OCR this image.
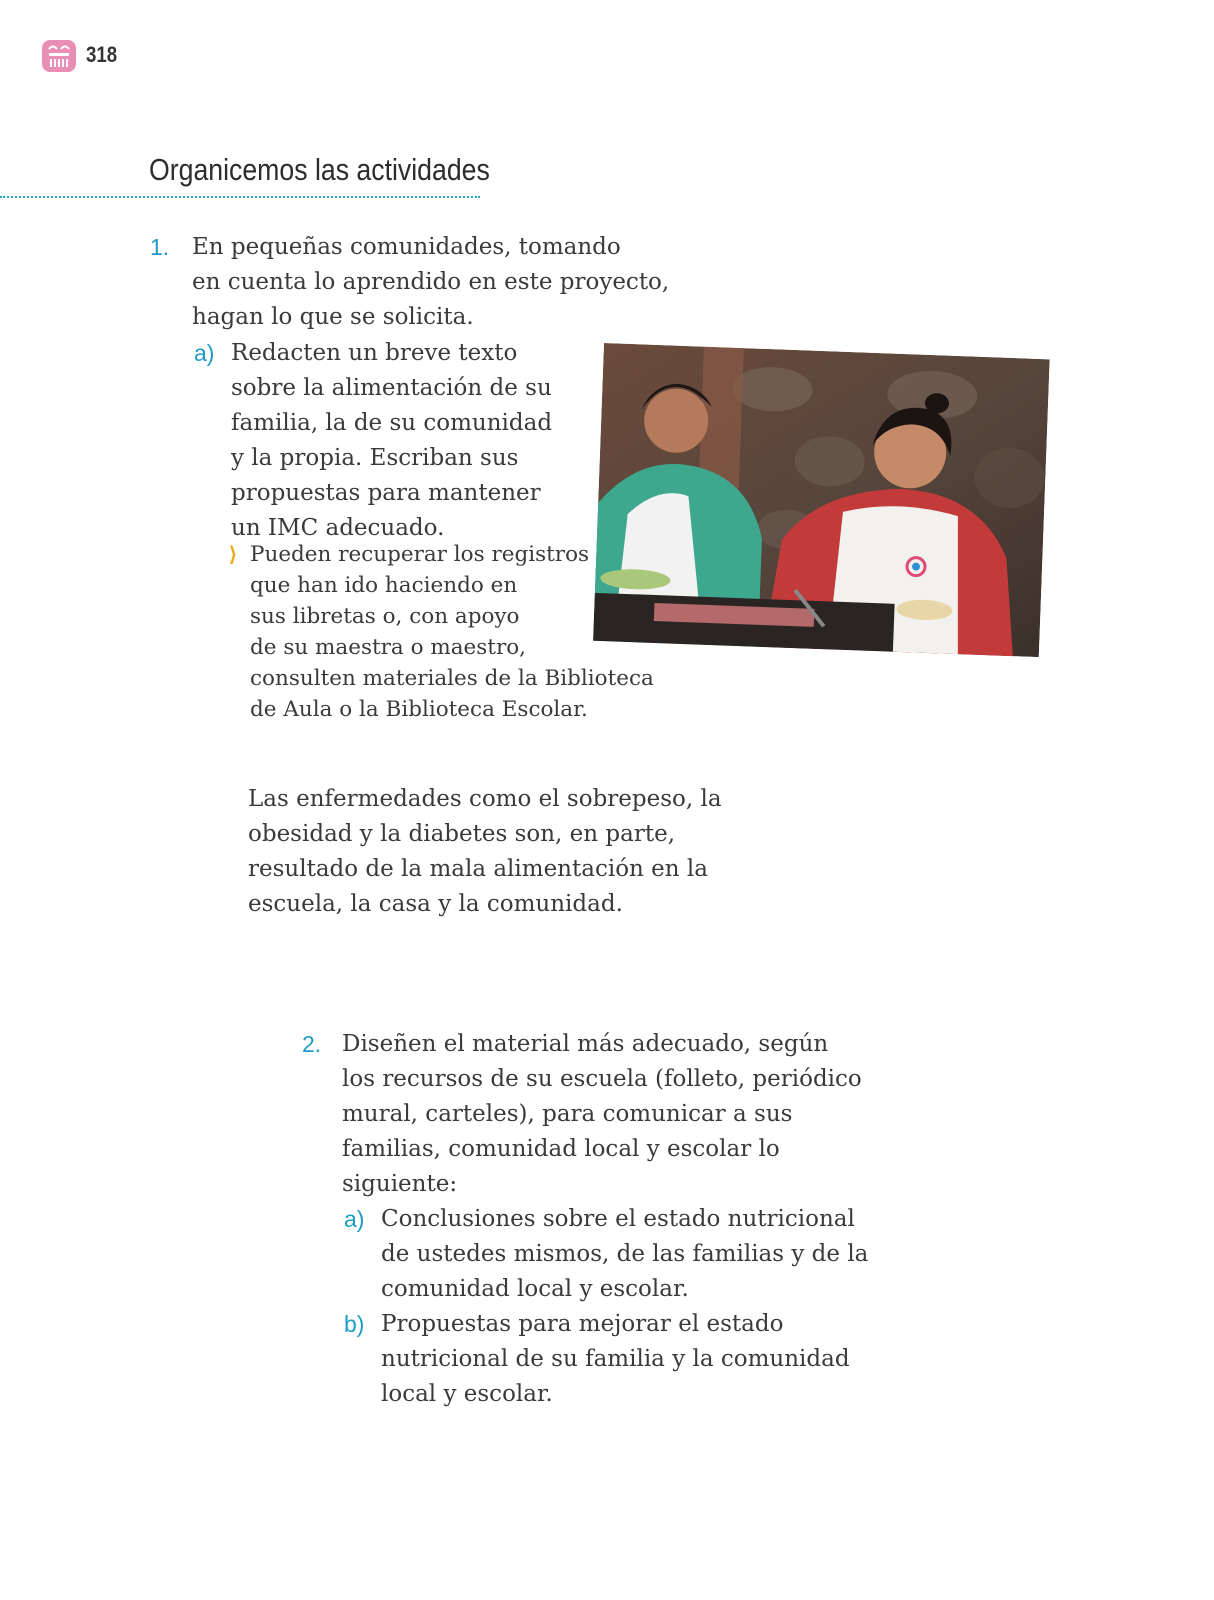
318
Organicemos las actividades
1. En pequeñas comunidades, tomando
en cuenta lo aprendido en este proyecto,
hagan lo que se solicita.
a) Redacten un breve texto
sobre la alimentación de su
familia, la de su comunidad
y la propia. Escriban sus
propuestas para mantener
un IMC adecuado.
⟩ Pueden recuperar los registros
que han ido haciendo en
sus libretas o, con apoyo
de su maestra o maestro,
consulten materiales de la Biblioteca
de Aula o la Biblioteca Escolar.
Las enfermedades como el sobrepeso, la
obesidad y la diabetes son, en parte,
resultado de la mala alimentación en la
escuela, la casa y la comunidad.
2. Diseñen el material más adecuado, según
los recursos de su escuela (folleto, periódico
mural, carteles), para comunicar a sus
familias, comunidad local y escolar lo
siguiente:
a) Conclusiones sobre el estado nutricional
de ustedes mismos, de las familias y de la
comunidad local y escolar.
b) Propuestas para mejorar el estado
nutricional de su familia y la comunidad
local y escolar.
